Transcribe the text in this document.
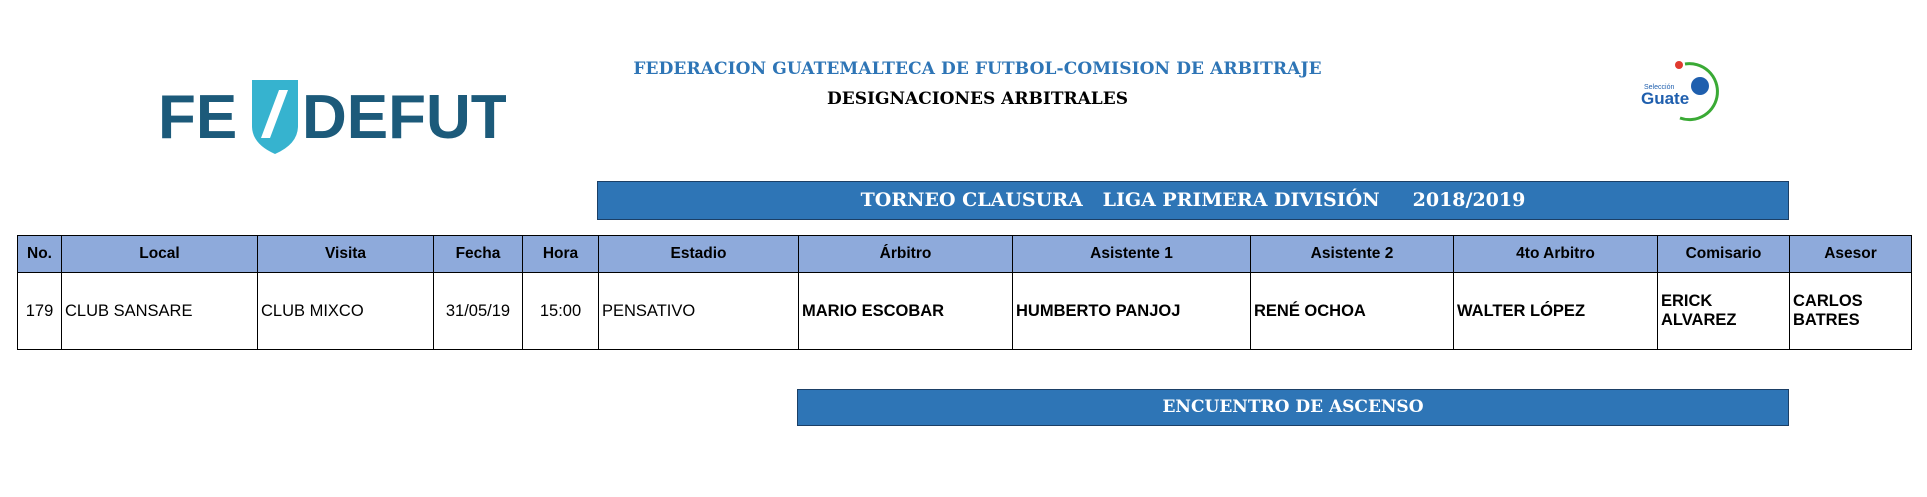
FE DEFUT
FEDERACION GUATEMALTECA DE FUTBOL-COMISION DE ARBITRAJE
DESIGNACIONES ARBITRALES
Selección
Guate
TORNEO CLAUSURA   LIGA PRIMERA DIVISIÓN     2018/2019
No.	Local	Visita	Fecha	Hora	Estadio	Árbitro	Asistente 1	Asistente 2	4to Arbitro	Comisario	Asesor
179	CLUB SANSARE	CLUB MIXCO	31/05/19	15:00	PENSATIVO	MARIO ESCOBAR	HUMBERTO PANJOJ	RENÉ OCHOA	WALTER LÓPEZ	ERICK ALVAREZ	CARLOS BATRES
ENCUENTRO DE ASCENSO
